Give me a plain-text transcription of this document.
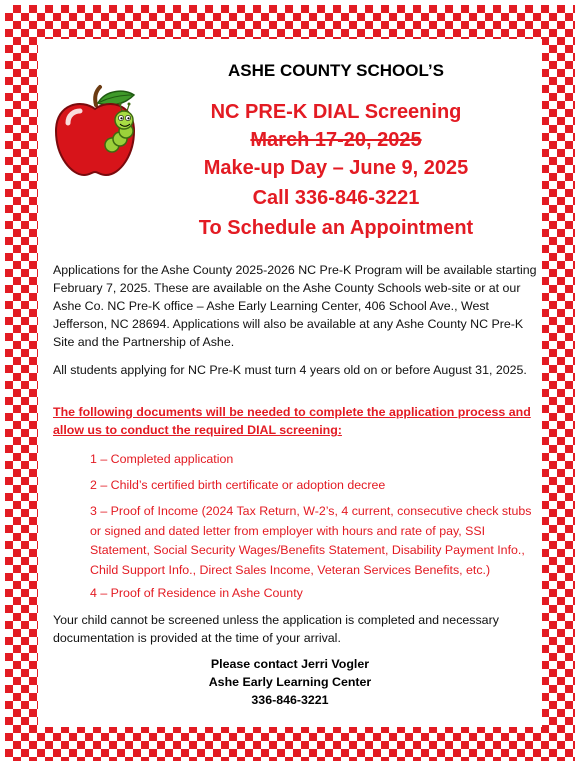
ASHE COUNTY SCHOOL’S
NC PRE-K DIAL Screening
March 17-20, 2025
Make-up Day – June 9, 2025
Call 336-846-3221
To Schedule an Appointment
Applications for the Ashe County 2025-2026 NC Pre-K Program will be available starting February 7, 2025. These are available on the Ashe County Schools web-site or at our Ashe Co. NC Pre-K office – Ashe Early Learning Center, 406 School Ave., West Jefferson, NC 28694. Applications will also be available at any Ashe County NC Pre-K Site and the Partnership of Ashe.
All students applying for NC Pre-K must turn 4 years old on or before August 31, 2025.
The following documents will be needed to complete the application process and allow us to conduct the required DIAL screening:
1 – Completed application
2 – Child’s certified birth certificate or adoption decree
3 – Proof of Income (2024 Tax Return, W-2’s, 4 current, consecutive check stubs or signed and dated letter from employer with hours and rate of pay, SSI Statement, Social Security Wages/Benefits Statement, Disability Payment Info., Child Support Info., Direct Sales Income, Veteran Services Benefits, etc.)
4 – Proof of Residence in Ashe County
Your child cannot be screened unless the application is completed and necessary documentation is provided at the time of your arrival.
Please contact Jerri Vogler
Ashe Early Learning Center
336-846-3221
